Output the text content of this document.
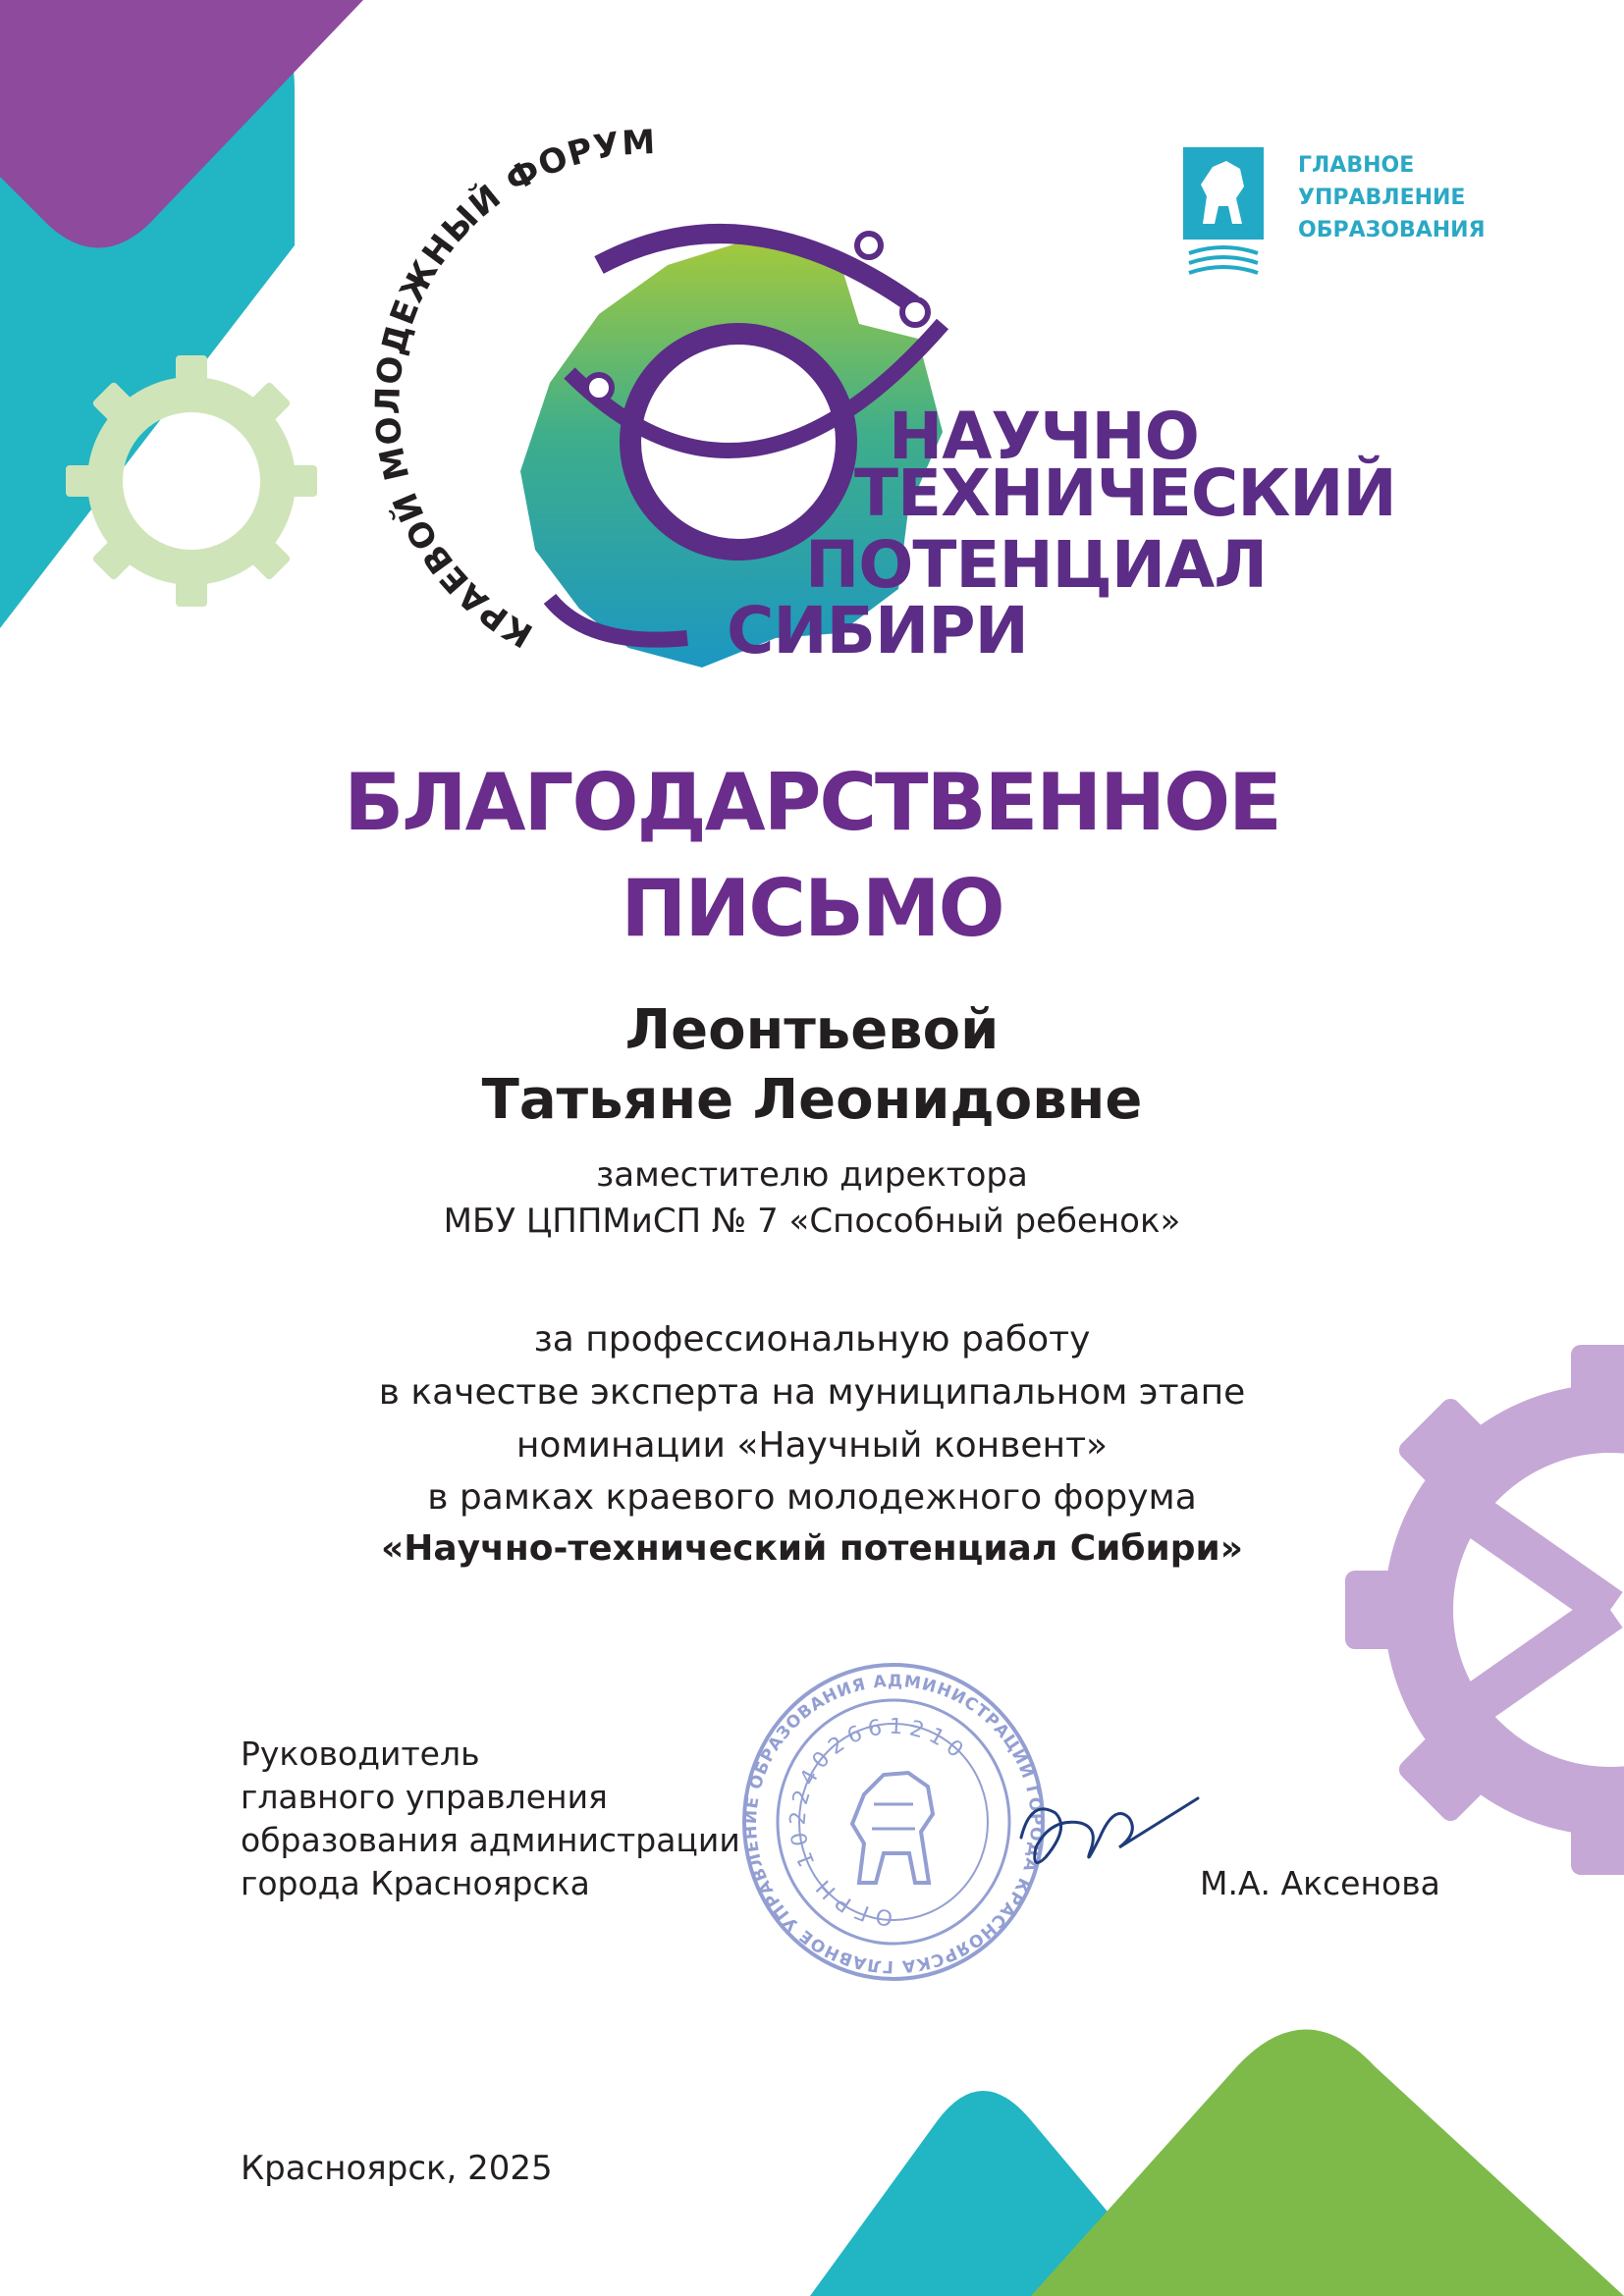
КРАЕВОЙ МОЛОДЕЖНЫЙ ФОРУМ
НАУЧНО
ТЕХНИЧЕСКИЙ
ПОТЕНЦИАЛ
СИБИРИ
ГЛАВНОЕ
УПРАВЛЕНИЕ
ОБРАЗОВАНИЯ
БЛАГОДАРСТВЕННОЕ
ПИСЬМО
Леонтьевой
Татьяне Леонидовне
заместителю директора
МБУ ЦППМиСП № 7 «Способный ребенок»
за профессиональную работу
в качестве эксперта на муниципальном этапе
номинации «Научный конвент»
в рамках краевого молодежного форума
«Научно-технический потенциал Сибири»
Руководитель
главного управления
образования администрации
города Красноярска	М.А. Аксенова
ГЛАВНОЕ УПРАВЛЕНИЕ ОБРАЗОВАНИЯ АДМИНИСТРАЦИИ ГОРОДА КРАСНОЯРСКА
ОГРН 1022402661210
Красноярск, 2025
